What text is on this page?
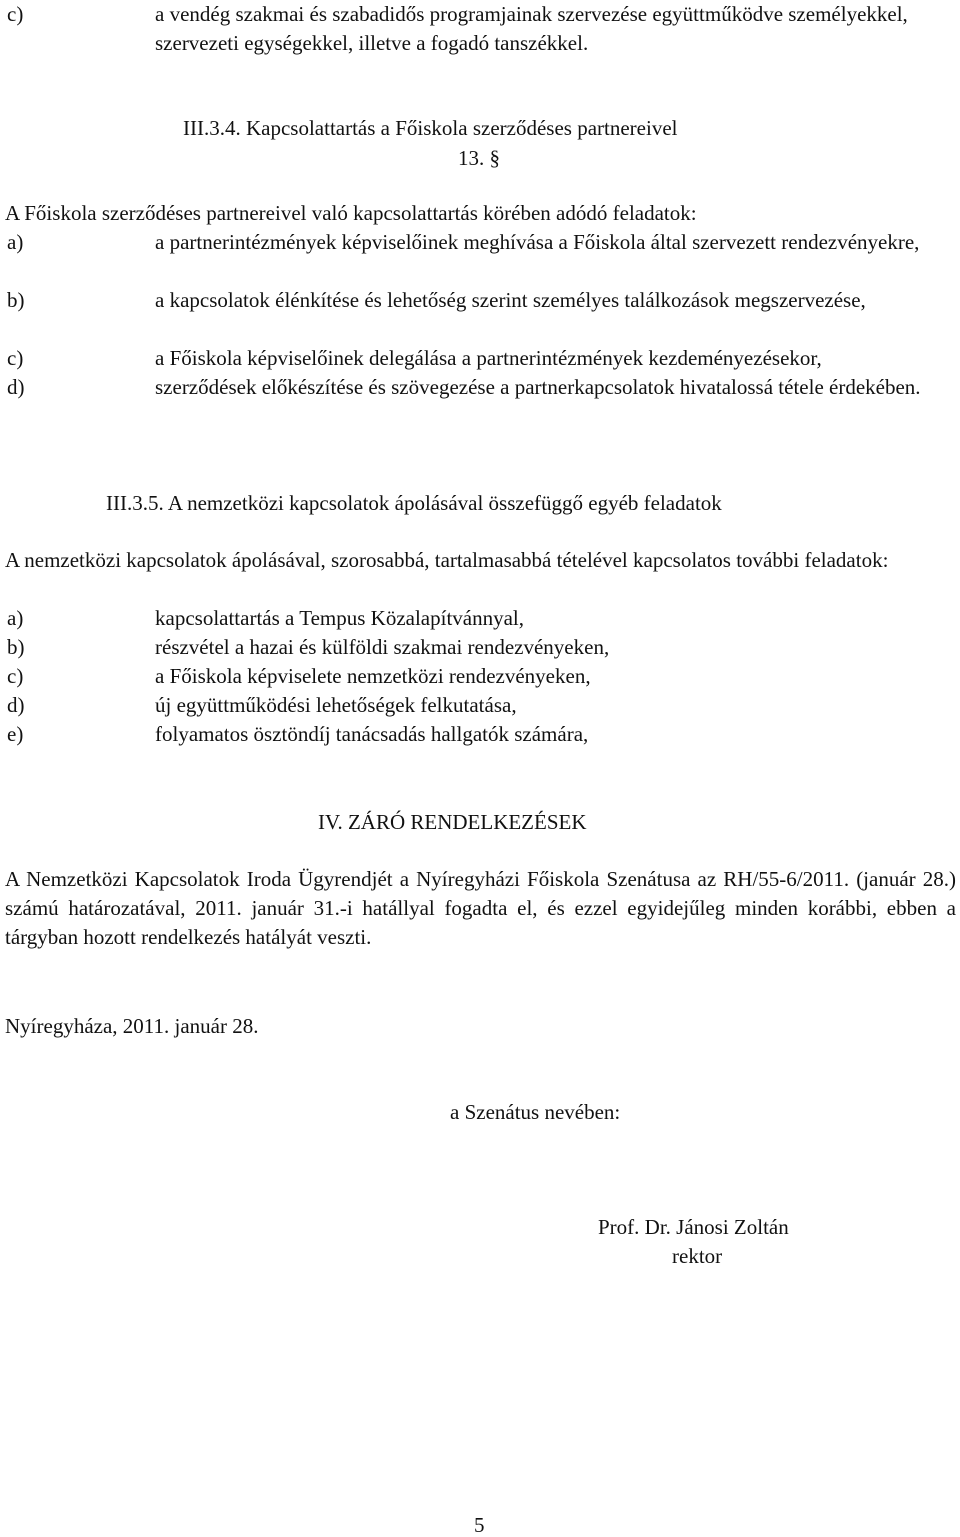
c)	a vendég szakmai és szabadidős programjainak szervezése együttműködve személyekkel, szervezeti egységekkel, illetve a fogadó tanszékkel.
III.3.4. Kapcsolattartás a Főiskola szerződéses partnereivel
13. §
A Főiskola szerződéses partnereivel való kapcsolattartás körében adódó feladatok:
a)	a partnerintézmények képviselőinek meghívása a Főiskola által szervezett rendezvényekre,
b)	a kapcsolatok élénkítése és lehetőség szerint személyes találkozások megszervezése,
c)	a Főiskola képviselőinek delegálása a partnerintézmények kezdeményezésekor,
d)	szerződések előkészítése és szövegezése a partnerkapcsolatok hivatalossá tétele érdekében.
III.3.5. A nemzetközi kapcsolatok ápolásával összefüggő egyéb feladatok
A nemzetközi kapcsolatok ápolásával, szorosabbá, tartalmasabbá tételével kapcsolatos további feladatok:
a)	kapcsolattartás a Tempus Közalapítvánnyal,
b)	részvétel a hazai és külföldi szakmai rendezvényeken,
c)	a Főiskola képviselete nemzetközi rendezvényeken,
d)	új együttműködési lehetőségek felkutatása,
e)	folyamatos ösztöndíj tanácsadás hallgatók számára,
IV. ZÁRÓ RENDELKEZÉSEK
A Nemzetközi Kapcsolatok Iroda Ügyrendjét a Nyíregyházi Főiskola Szenátusa az RH/55-6/2011. (január 28.) számú határozatával, 2011. január 31.-i hatállyal fogadta el, és ezzel egyidejűleg minden korábbi, ebben a tárgyban hozott rendelkezés hatályát veszti.
Nyíregyháza, 2011. január 28.
a Szenátus nevében:
Prof. Dr. Jánosi Zoltán
rektor
5
